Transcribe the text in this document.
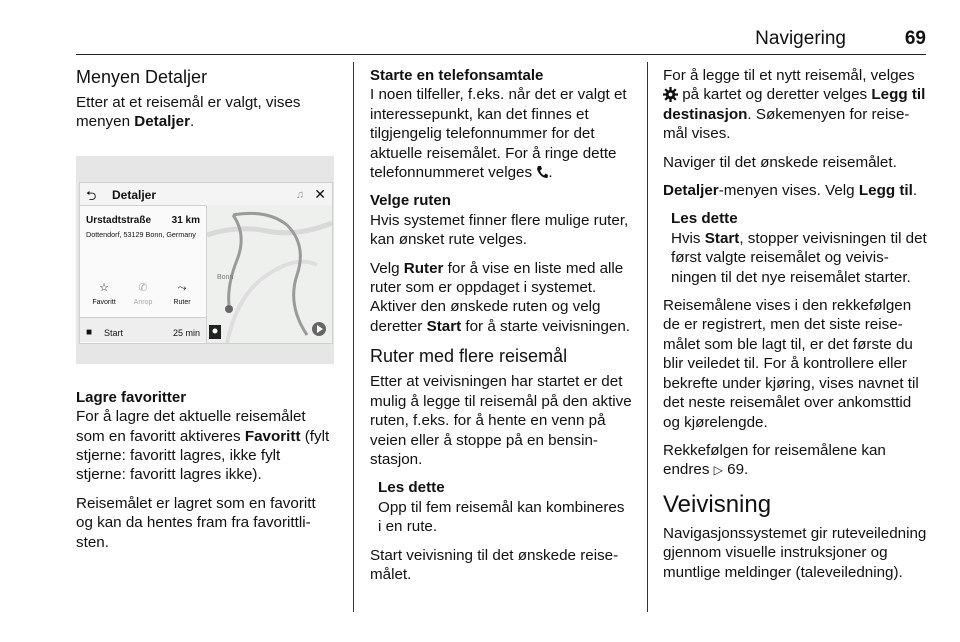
Navigering	69
Menyen Detaljer

Etter at et reisemål er valgt, vises menyen Detaljer.

⮌ Detaljer	♫ ✕
Urstadtstraße 31 km
Dottendorf, 53129 Bonn, Germany
☆
Favoritt
✆
Anrop
⤳
Ruter
■ Start	25 min
Bonn
Lagre favoritter

For å lagre det aktuelle reisemålet som en favoritt aktiveres Favoritt (fylt stjerne: favoritt lagres, ikke fylt stjerne: favoritt lagres ikke).

Reisemålet er lagret som en favoritt og kan da hentes fram fra favorittlisten.

Starte en telefonsamtale

I noen tilfeller, f.eks. når det er valgt et interessepunkt, kan det finnes et tilgjengelig telefonnummer for det aktuelle reisemålet. For å ringe dette telefonnummeret velges .

Velge ruten

Hvis systemet finner flere mulige ruter, kan ønsket rute velges.

Velg Ruter for å vise en liste med alle ruter som er oppdaget i systemet. Aktiver den ønskede ruten og velg deretter Start for å starte veivisningen.

Ruter med flere reisemål

Etter at veivisningen har startet er det mulig å legge til reisemål på den aktive ruten, f.eks. for å hente en venn på veien eller å stoppe på en bensinstasjon.

Les dette
Opp til fem reisemål kan kombineres i en rute.

Start veivisning til det ønskede reisemålet.

For å legge til et nytt reisemål, velges  på kartet og deretter velges Legg til destinasjon. Søkemenyen for reisemål vises.

Naviger til det ønskede reisemålet.

Detaljer-menyen vises. Velg Legg til.

Les dette
Hvis Start, stopper veivisningen til det først valgte reisemålet og veivisningen til det nye reisemålet starter.

Reisemålene vises i den rekkefølgen de er registrert, men det siste reisemålet som ble lagt til, er det første du blir veiledet til. For å kontrollere eller bekrefte under kjøring, vises navnet til det neste reisemålet over ankomsttid og kjørelengde.

Rekkefølgen for reisemålene kan endres ▷ 69.

Veivisning

Navigasjonssystemet gir ruteveiledning gjennom visuelle instruksjoner og muntlige meldinger (taleveiledning).
